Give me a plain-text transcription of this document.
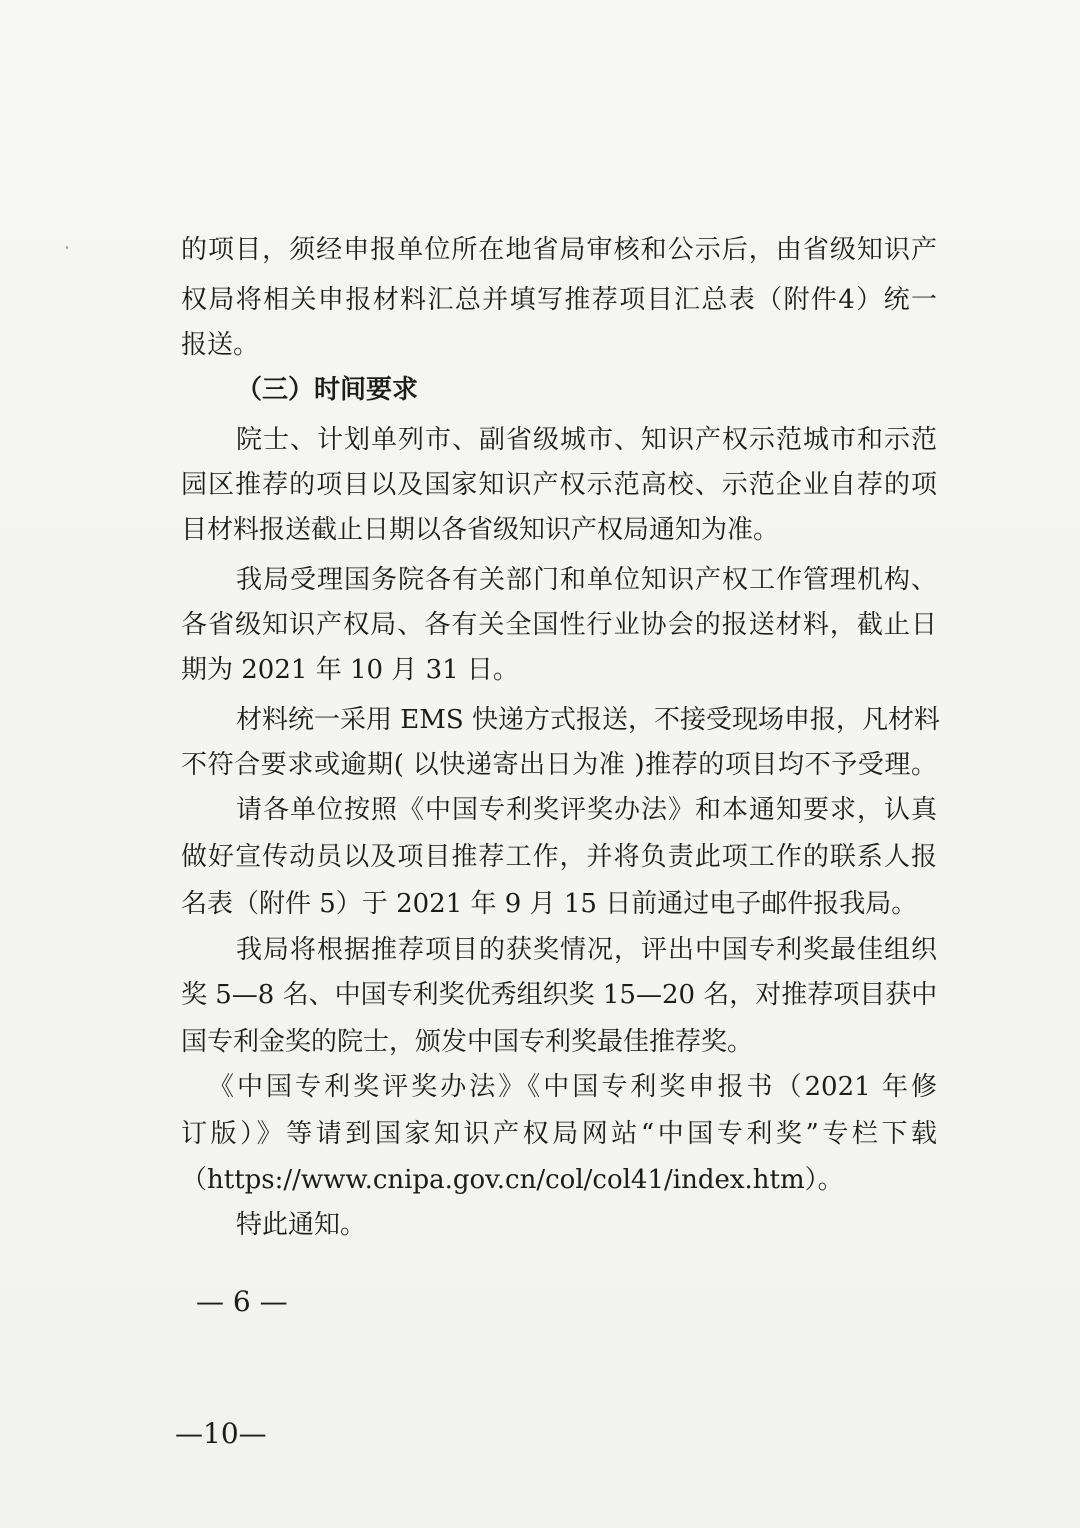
的项目，须经申报单位所在地省局审核和公示后，由省级知识产
权局将相关申报材料汇总并填写推荐项目汇总表（附件4）统一
报送。
（三）时间要求
院士、计划单列市、副省级城市、知识产权示范城市和示范
园区推荐的项目以及国家知识产权示范高校、示范企业自荐的项
目材料报送截止日期以各省级知识产权局通知为准。
我局受理国务院各有关部门和单位知识产权工作管理机构、
各省级知识产权局、各有关全国性行业协会的报送材料，截止日
期为 2021 年 10 月 31 日。
材料统一采用 EMS 快递方式报送，不接受现场申报，凡材料
不符合要求或逾期( 以快递寄出日为准 )推荐的项目均不予受理。
请各单位按照《中国专利奖评奖办法》和本通知要求，认真
做好宣传动员以及项目推荐工作，并将负责此项工作的联系人报
名表（附件 5）于 2021 年 9 月 15 日前通过电子邮件报我局。
我局将根据推荐项目的获奖情况，评出中国专利奖最佳组织
奖 5—8 名、中国专利奖优秀组织奖 15—20 名，对推荐项目获中
国专利金奖的院士，颁发中国专利奖最佳推荐奖。
《中国专利奖评奖办法》《中国专利奖申报书（2021 年修
订版）》等请到国家知识产权局网站“中国专利奖”专栏下载
（https://www.cnipa.gov.cn/col/col41/index.htm）。
特此通知。
— 6 —
—10—
